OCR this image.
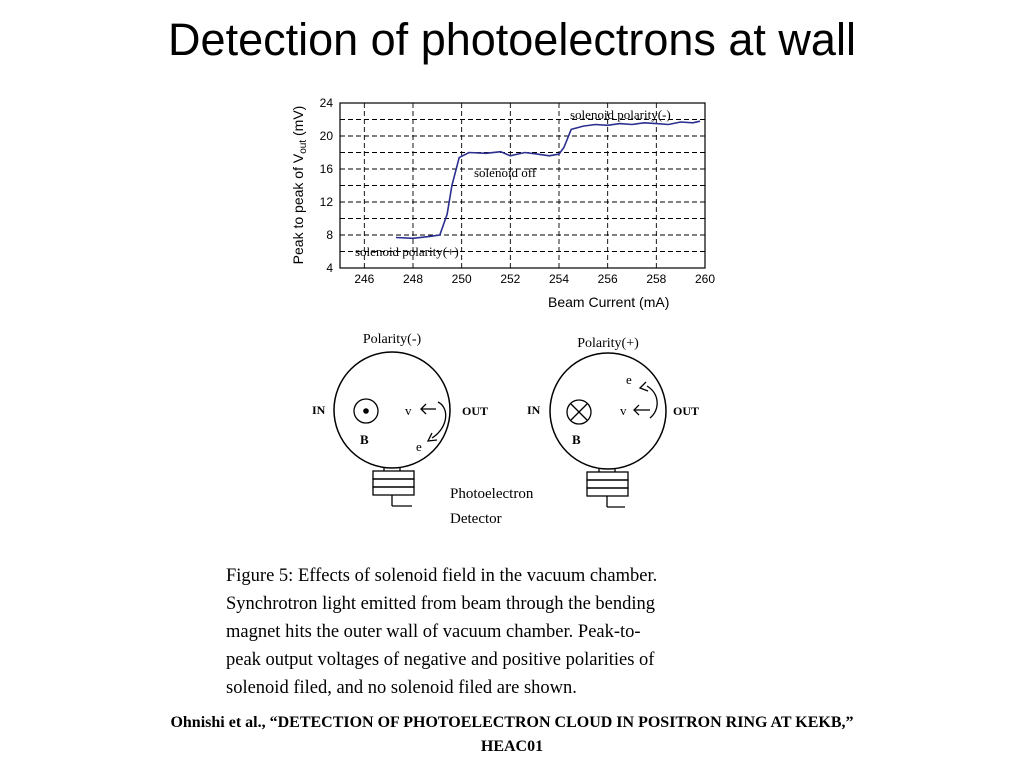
Detection of photoelectrons at wall
246 248 250 252 254 256 258 260
4
8
12
16
20
24
solenoid polarity(-)
solenoid off
solenoid polarity(+)
Beam Current (mA)
Peak to peak of $V_{out}$ (mV)
Polarity(-)
IN	OUT
B
v
e
Polarity(+)
IN	OUT
B
v
e
Photoelectron
Detector

Figure 5: Effects of solenoid field in the vacuum chamber.

Synchrotron light emitted from beam through the bending

magnet hits the outer wall of vacuum chamber. Peak-to-

peak output voltages of negative and positive polarities of

solenoid filed, and no solenoid filed are shown.

Ohnishi et al., “DETECTION OF PHOTOELECTRON CLOUD IN POSITRON RING AT KEKB,”

HEAC01
